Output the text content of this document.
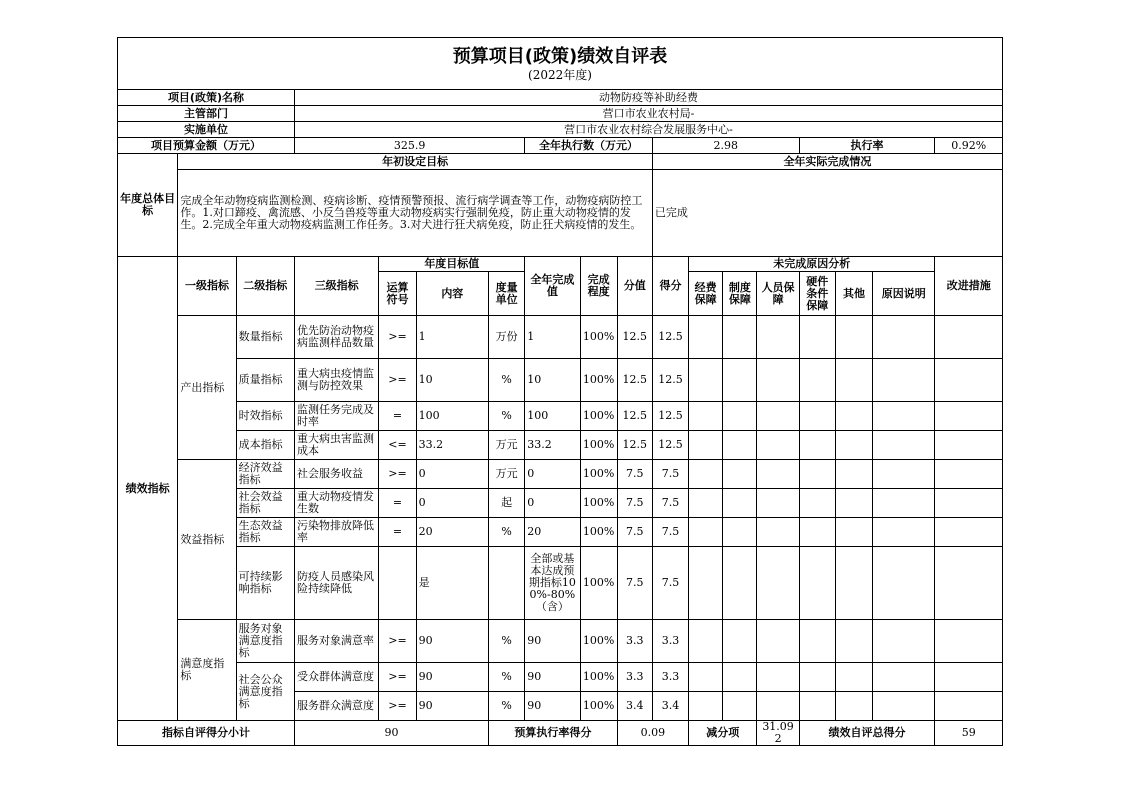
预算项目(政策)绩效自评表
(2022年度)																	

项目(政策)名称			动物防疫等补助经费														
主管部门			营口市农业农村局-														
实施单位			营口市农业农村综合发展服务中心-														
项目预算金额（万元）			325.9				全年执行数（万元）			2.98				执行率			0.92%
年度总体目标	年初设定目标									全年实际完成情况							
	完成全年动物疫病监测检测、疫病诊断、疫情预警预报、流行病学调查等工作，动物疫病防控工作。1.对口蹄疫、禽流感、小反刍兽疫等重大动物疫病实行强制免疫，防止重大动物疫情的发生。2.完成全年重大动物疫病监测工作任务。3.对犬进行狂犬病免疫，防止狂犬病疫情的发生。									已完成							
绩效指标	一级指标	二级指标	三级指标	年度目标值			全年完成值	完成程度	分值	得分	未完成原因分析						改进措施
				运算符号	内容	度量单位					经费保障	制度保障	人员保障	硬件条件保障	其他	原因说明	
	产出指标	数量指标	优先防治动物疫病监测样品数量	>=	1	万份	1	100%	12.5	12.5							
		质量指标	重大病虫疫情监测与防控效果	>=	10	%	10	100%	12.5	12.5							
		时效指标	监测任务完成及时率	=	100	%	100	100%	12.5	12.5							
		成本指标	重大病虫害监测成本	<=	33.2	万元	33.2	100%	12.5	12.5							
	效益指标	经济效益指标	社会服务收益	>=	0	万元	0	100%	7.5	7.5							
		社会效益指标	重大动物疫情发生数	=	0	起	0	100%	7.5	7.5							
		生态效益指标	污染物排放降低率	=	20	%	20	100%	7.5	7.5							
		可持续影响指标	防疫人员感染风险持续降低		是		全部或基本达成预期指标100%-80%（含）	100%	7.5	7.5							
	满意度指标	服务对象满意度指标	服务对象满意率	>=	90	%	90	100%	3.3	3.3							
		社会公众满意度指标	受众群体满意度	>=	90	%	90	100%	3.3	3.3							
			服务群众满意度	>=	90	%	90	100%	3.4	3.4							
指标自评得分小计			90			预算执行率得分			0.09		减分项		31.092	绩效自评总得分			59
